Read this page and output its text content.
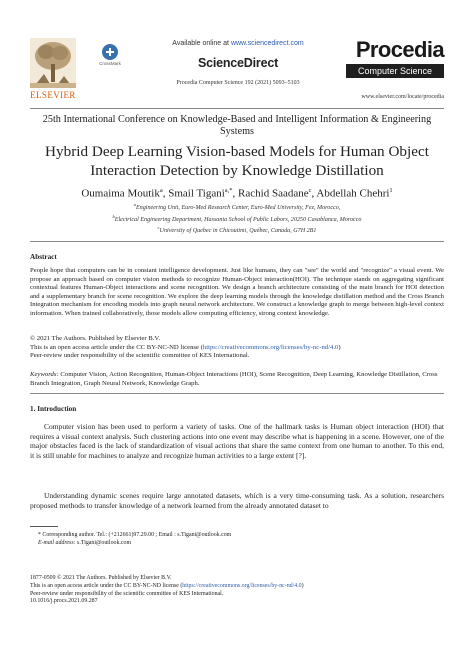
ELSEVIER
CrossMark
Available online at www.sciencedirect.com
ScienceDirect
Procedia Computer Science 192 (2021) 5093–5103
Procedia
Computer Science
www.elsevier.com/locate/procedia
25th International Conference on Knowledge-Based and Intelligent Information & Engineering Systems
Hybrid Deep Learning Vision-based Models for Human Object
Interaction Detection by Knowledge Distillation
Oumaima Moutik$^a$, Smail Tigani$^{a,*}$, Rachid Saadane$^c$, Abdellah Chehri$^1$
$^a$Engineering Unit, Euro-Med Research Center, Euro-Med University, Fez, Morocco,
$^b$Electrical Engineering Department, Hassania School of Public Labors, 20250 Casablanca, Morocco
$^c$University of Quebec in Chicoutimi, Québec, Canada, G7H 2B1
Abstract
People hope that computers can be in constant intelligence development. Just like humans, they can "see" the world and "recognize" a visual event. We propose an approach based on computer vision methods to recognize Human-Object interaction(HOI). The technique stands on aggregating significant contextual features Human-Object interactions and scene recognition. We design a branch architecture consisting of the main branch for HOI detection and a supplementary branch for scene recognition. We explore the deep learning models through the knowledge distillation method and the Cross Branch Integration mechanism for encoding models into graph neural network architecture. We construct a knowledge graph to merge between high-level context information. When trained collaboratively, those models allow computing efficiency, strong context knowledge.
© 2021 The Authors. Published by Elsevier B.V.
This is an open access article under the CC BY-NC-ND license (https://creativecommons.org/licenses/by-nc-nd/4.0)
Peer-review under responsibility of the scientific committee of KES International.
Keywords: Computer Vision, Action Recognition, Human-Object Interactions (HOI), Scene Recognition, Deep Learning, Knowledge Distillation, Cross Branch Integration, Graph Neural Network, Knowledge Graph.
1. Introduction
Computer vision has been used to perform a variety of tasks. One of the hallmark tasks is Human object interaction (HOI) that requires a visual context analysis. Such clustering actions into one event may describe what is happening in a scene. However, one of the major obstacles faced is the lack of standardization of visual actions that share the same context from one human to another. To this end, it is still unable for machines to analyze and recognize human activities to a large extent [?].
Understanding dynamic scenes require large annotated datasets, which is a very time-consuming task. As a solution, researchers proposed methods to transfer knowledge of a network learned from the already annotated dataset to
* Corresponding author. Tel.: (+212661)97.29.00 ; Email : s.Tigani@outlook.com
E-mail address: s.Tigani@outlook.com
1877-0509 © 2021 The Authors. Published by Elsevier B.V.
This is an open access article under the CC BY-NC-ND license (https://creativecommons.org/licenses/by-nc-nd/4.0)
Peer-review under responsibility of the scientific committee of KES International.
10.1016/j.procs.2021.09.287
